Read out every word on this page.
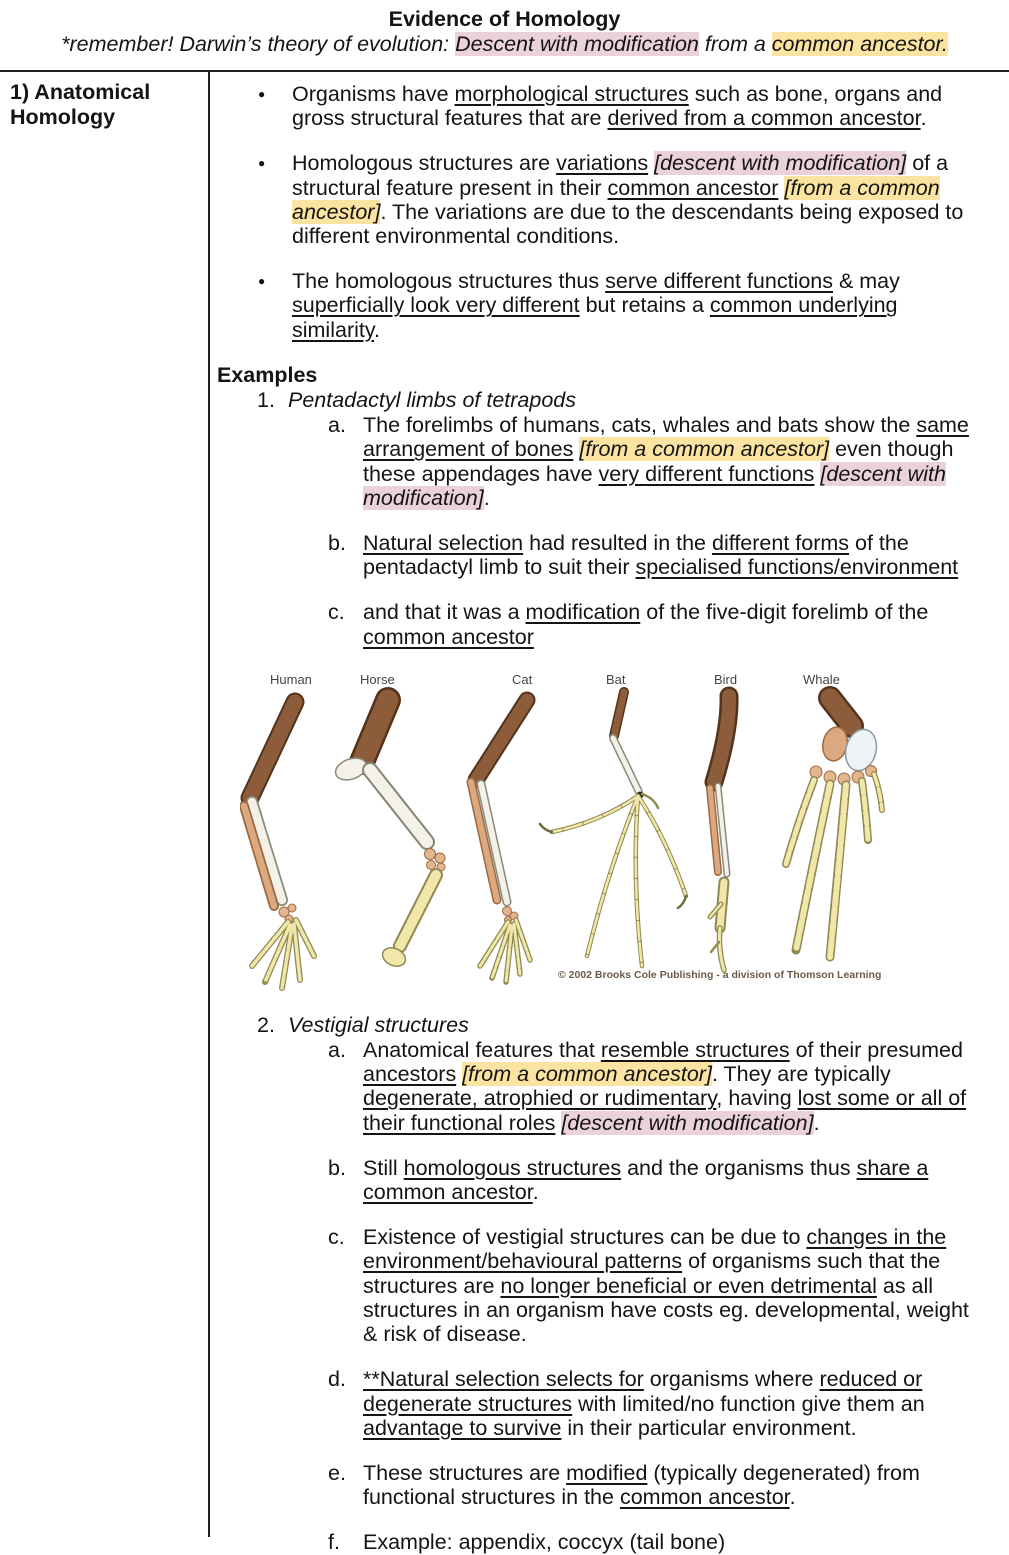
Evidence of Homology
*remember! Darwin’s theory of evolution: Descent with modification from a common ancestor.

1) Anatomical Homology

●	Organisms have morphological structures such as bone, organs and gross structural features that are derived from a common ancestor.
●	Homologous structures are variations [descent with modification] of a structural feature present in their common ancestor [from a common ancestor]. The variations are due to the descendants being exposed to different environmental conditions.
●	The homologous structures thus serve different functions & may superficially look very different but retains a common underlying similarity.

Examples

1. Pentadactyl limbs of tetrapods
a. The forelimbs of humans, cats, whales and bats show the same arrangement of bones [from a common ancestor] even though these appendages have very different functions [descent with modification].
b. Natural selection had resulted in the different forms of the pentadactyl limb to suit their specialised functions/environment
c. and that it was a modification of the five-digit forelimb of the common ancestor
Human	Horse	Cat	Bat	Bird	Whale
© 2002 Brooks Cole Publishing - a division of Thomson Learning
2. Vestigial structures
a. Anatomical features that resemble structures of their presumed ancestors [from a common ancestor]. They are typically degenerate, atrophied or rudimentary, having lost some or all of their functional roles [descent with modification].
b. Still homologous structures and the organisms thus share a common ancestor.
c. Existence of vestigial structures can be due to changes in the environment/behavioural patterns of organisms such that the structures are no longer beneficial or even detrimental as all structures in an organism have costs eg. developmental, weight & risk of disease.
d. **Natural selection selects for organisms where reduced or degenerate structures with limited/no function give them an advantage to survive in their particular environment.
e. These structures are modified (typically degenerated) from functional structures in the common ancestor.
f.	Example: appendix, coccyx (tail bone)
